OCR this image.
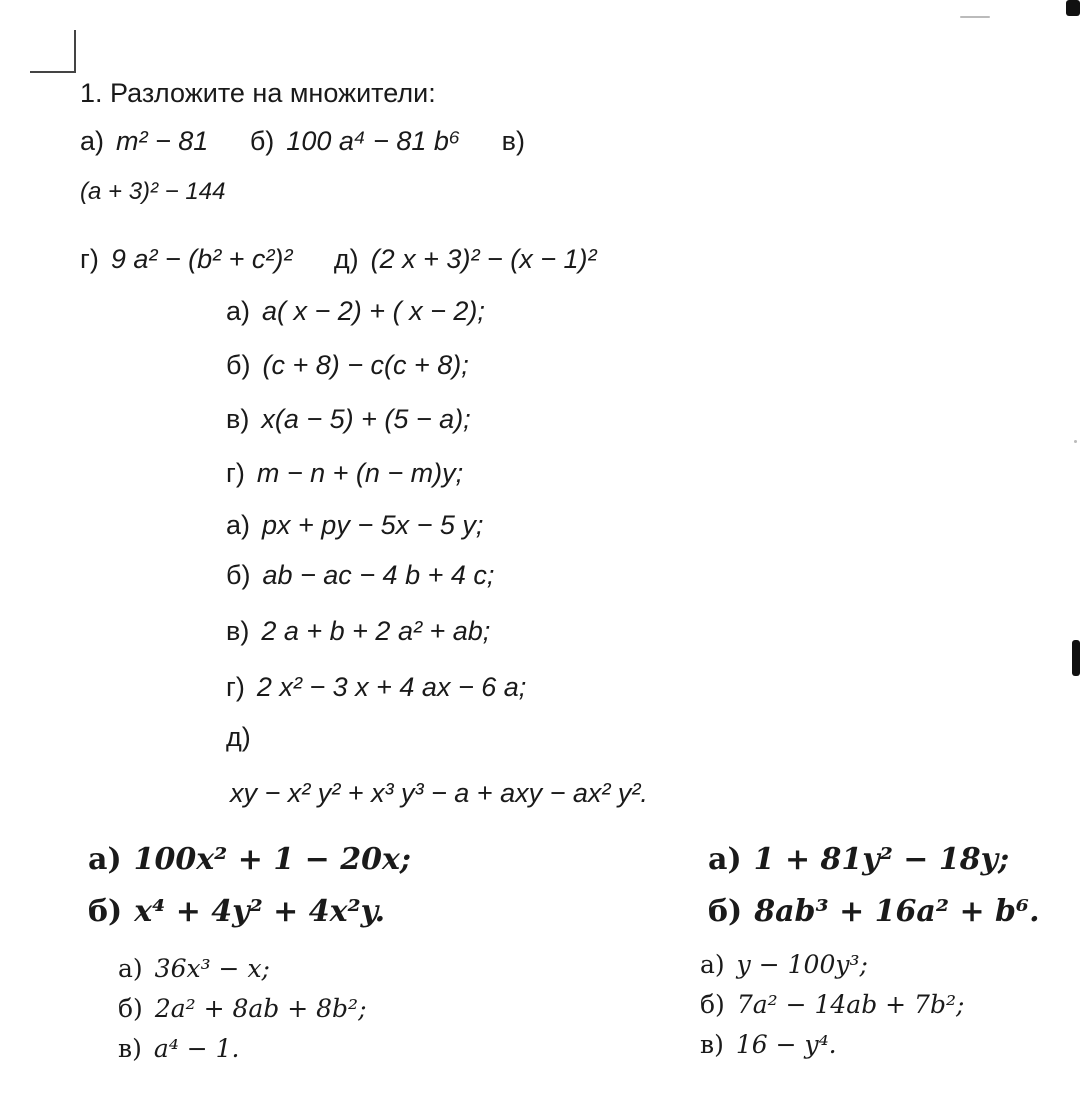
1. Разложите на множители:
а) m² − 81 б) 100 a⁴ − 81 b⁶ в)
(a + 3)² − 144
г) 9 a² − (b² + c²)² д) (2 x + 3)² − (x − 1)²
а) a( x − 2) + ( x − 2);
б) (c + 8) − c(c + 8);
в) x(a − 5) + (5 − a);
г) m − n + (n − m)y;
а) px + py − 5x − 5 y;
б) ab − ac − 4 b + 4 c;
в) 2 a + b + 2 a² + ab;
г) 2 x² − 3 x + 4 ax − 6 a;
д)
xy − x² y² + x³ y³ − a + axy − ax² y².
а) 100x² + 1 − 20x;
б) x⁴ + 4y² + 4x²y.
а) 1 + 81y² − 18y;
б) 8ab³ + 16a² + b⁶.
а) 36x³ − x;
б) 2a² + 8ab + 8b²;
в) a⁴ − 1.
а) y − 100y³;
б) 7a² − 14ab + 7b²;
в) 16 − y⁴.
